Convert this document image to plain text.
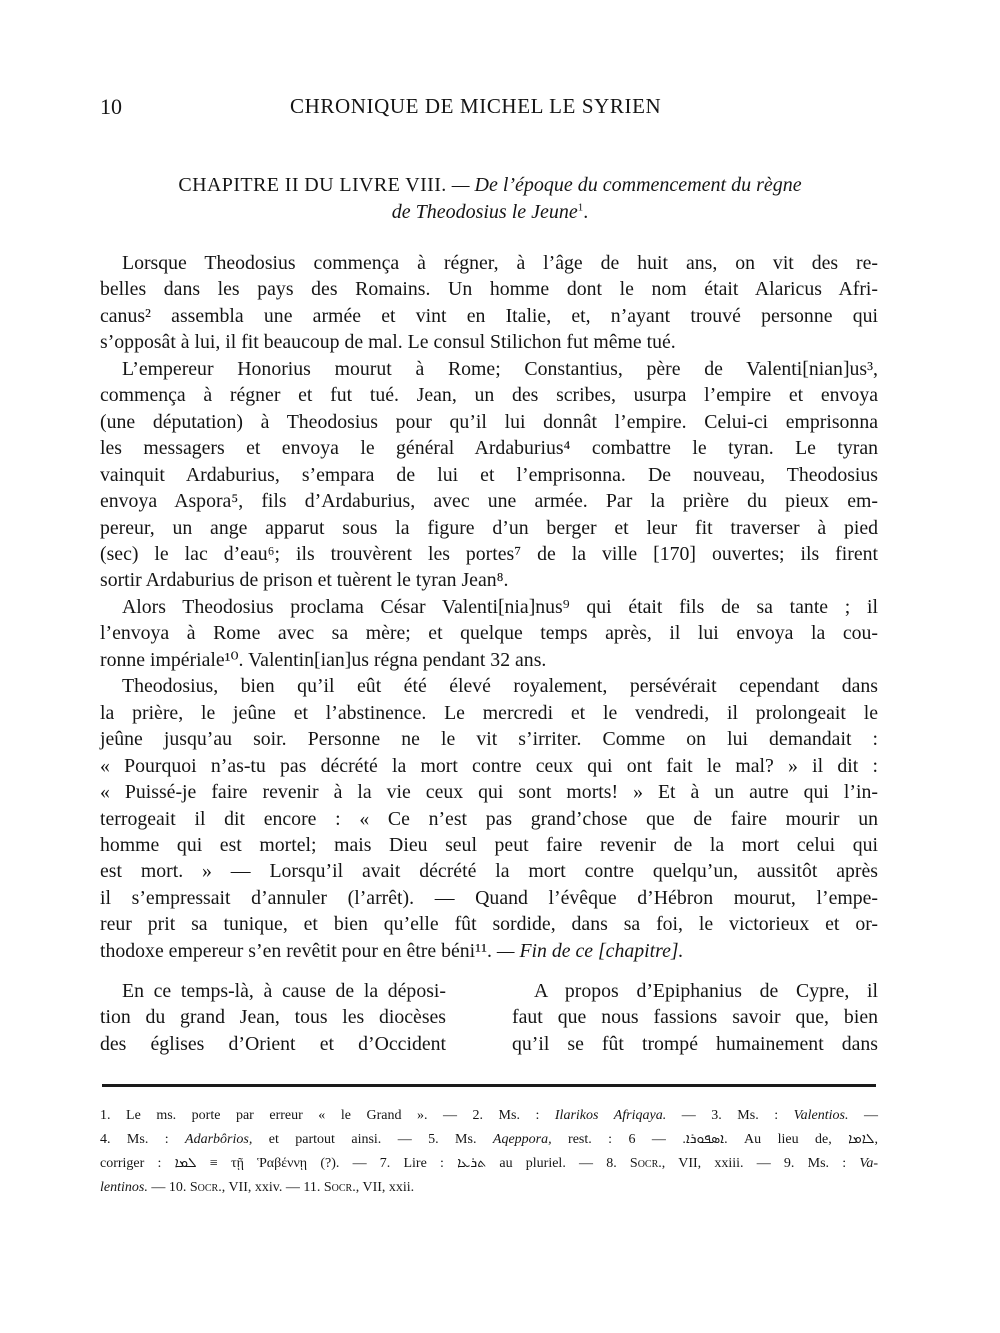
10	CHRONIQUE DE MICHEL LE SYRIEN
CHAPITRE II DU LIVRE VIII. — De l’époque du commencement du règne
de Theodosius le Jeune$^1$.

Lorsque Theodosius commença à régner, à l’âge de huit ans, on vit des re-
belles dans les pays des Romains. Un homme dont le nom était Alaricus Afri-
canus² assembla une armée et vint en Italie, et, n’ayant trouvé personne qui
s’opposât à lui, il fit beaucoup de mal. Le consul Stilichon fut même tué.

L’empereur Honorius mourut à Rome; Constantius, père de Valenti[nian]us³,
commença à régner et fut tué. Jean, un des scribes, usurpa l’empire et envoya
(une députation) à Theodosius pour qu’il lui donnât l’empire. Celui-ci emprisonna
les messagers et envoya le général Ardaburius⁴ combattre le tyran. Le tyran
vainquit Ardaburius, s’empara de lui et l’emprisonna. De nouveau, Theodosius
envoya Aspora⁵, fils d’Ardaburius, avec une armée. Par la prière du pieux em-
pereur, un ange apparut sous la figure d’un berger et leur fit traverser à pied
(sec) le lac d’eau⁶; ils trouvèrent les portes⁷ de la ville [170] ouvertes; ils firent
sortir Ardaburius de prison et tuèrent le tyran Jean⁸.

Alors Theodosius proclama César Valenti[nia]nus⁹ qui était fils de sa tante ; il
l’envoya à Rome avec sa mère; et quelque temps après, il lui envoya la cou-
ronne impériale¹⁰. Valentin[ian]us régna pendant 32 ans.

Theodosius, bien qu’il eût été élevé royalement, persévérait cependant dans
la prière, le jeûne et l’abstinence. Le mercredi et le vendredi, il prolongeait le
jeûne jusqu’au soir. Personne ne le vit s’irriter. Comme on lui demandait :
« Pourquoi n’as-tu pas décrété la mort contre ceux qui ont fait le mal? » il dit :
« Puissé-je faire revenir à la vie ceux qui sont morts! » Et à un autre qui l’in-
terrogeait il dit encore : « Ce n’est pas grand’chose que de faire mourir un
homme qui est mortel; mais Dieu seul peut faire revenir de la mort celui qui
est mort. » — Lorsqu’il avait décrété la mort contre quelqu’un, aussitôt après
il s’empressait d’annuler (l’arrêt). — Quand l’évêque d’Hébron mourut, l’empe-
reur prit sa tunique, et bien qu’elle fût sordide, dans sa foi, le victorieux et or-
thodoxe empereur s’en revêtit pour en être béni¹¹. — Fin de ce [chapitre].

En ce temps-là, à cause de la déposi-
tion du grand Jean, tous les diocèses
des églises d’Orient et d’Occident
A propos d’Epiphanius de Cypre, il
faut que nous fassions savoir que, bien
qu’il se fût trompé humainement dans
1. Le ms. porte par erreur « le Grand ». — 2. Ms. : Ilarikos Afriqaya. — 3. Ms. : Valentios. —
4. Ms. : Adarbôrios, et partout ainsi. — 5. Ms. Aqeppora, rest. : ܐܣܦܘܪܐ. — 6. Au lieu de, ܠܐܡܐ,
corriger : ܠܡܐ ≡ τῇ Ῥαβέννῃ (?). — 7. Lire : ܬܪܥܐ au pluriel. — 8. Socr., VII, xxiii. — 9. Ms. : Va-
lentinos. — 10. Socr., VII, xxiv. — 11. Socr., VII, xxii.
